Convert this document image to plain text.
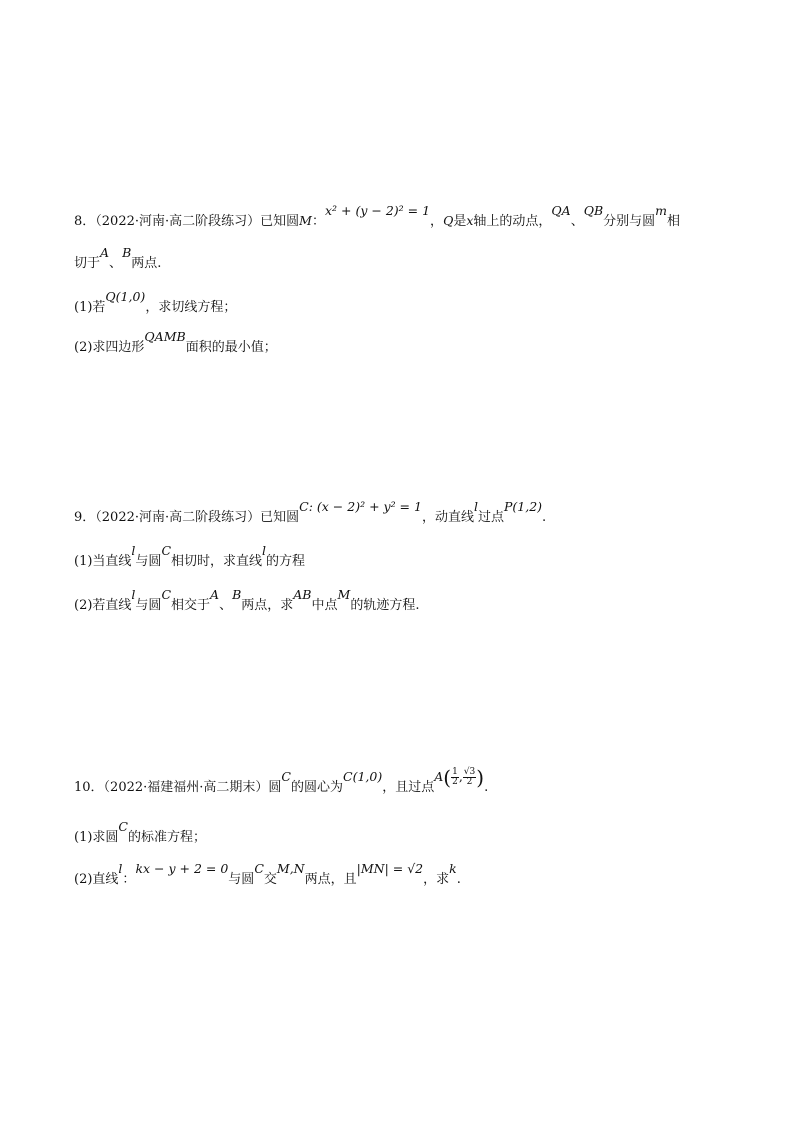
8．（2022·河南·高二阶段练习）已知圆M：x² + (y − 2)² = 1，Q是x轴上的动点，QA、QB分别与圆m相
切于A、B两点.
(1)若Q(1,0)，求切线方程；
(2)求四边形QAMB面积的最小值；
9．（2022·河南·高二阶段练习）已知圆C: (x − 2)² + y² = 1，动直线l过点P(1,2).
(1)当直线l与圆C相切时，求直线l的方程
(2)若直线l与圆C相交于A、B两点，求AB中点M的轨迹方程.
10．（2022·福建福州·高二期末）圆C的圆心为C(1,0)，且过点$A( \frac{1}{2}$ , $\frac{√3}{2}$ ).
(1)求圆C的标准方程；
(2)直线l：kx − y + 2 = 0与圆C交M,N两点，且|MN| = √2，求k.
